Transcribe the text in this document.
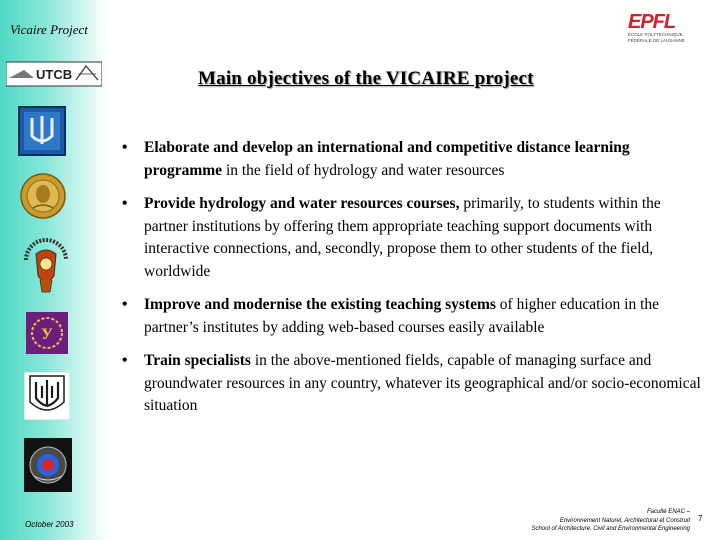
Vicaire Project
UTCB
У
EPFL
ÉCOLE POLYTECHNIQUE
FÉDÉRALE DE LAUSANNE
Main objectives of the VICAIRE project
• Elaborate and develop an international and competitive distance learning programme in the field of hydrology and water resources
• Provide hydrology and water resources courses, primarily, to students within the partner institutions by offering them appropriate teaching support documents with interactive connections, and, secondly, propose them to other students of the field, worldwide
• Improve and modernise the existing teaching systems of higher education in the partner’s institutes by adding web-based courses easily available
• Train specialists in the above-mentioned fields, capable of managing surface and groundwater resources in any country, whatever its geographical and/or socio-economical situation
October 2003
Faculté ENAC –
Environnement Naturel, Architectural et Construit
School of Architecture, Civil and Environmental Engineering
7
